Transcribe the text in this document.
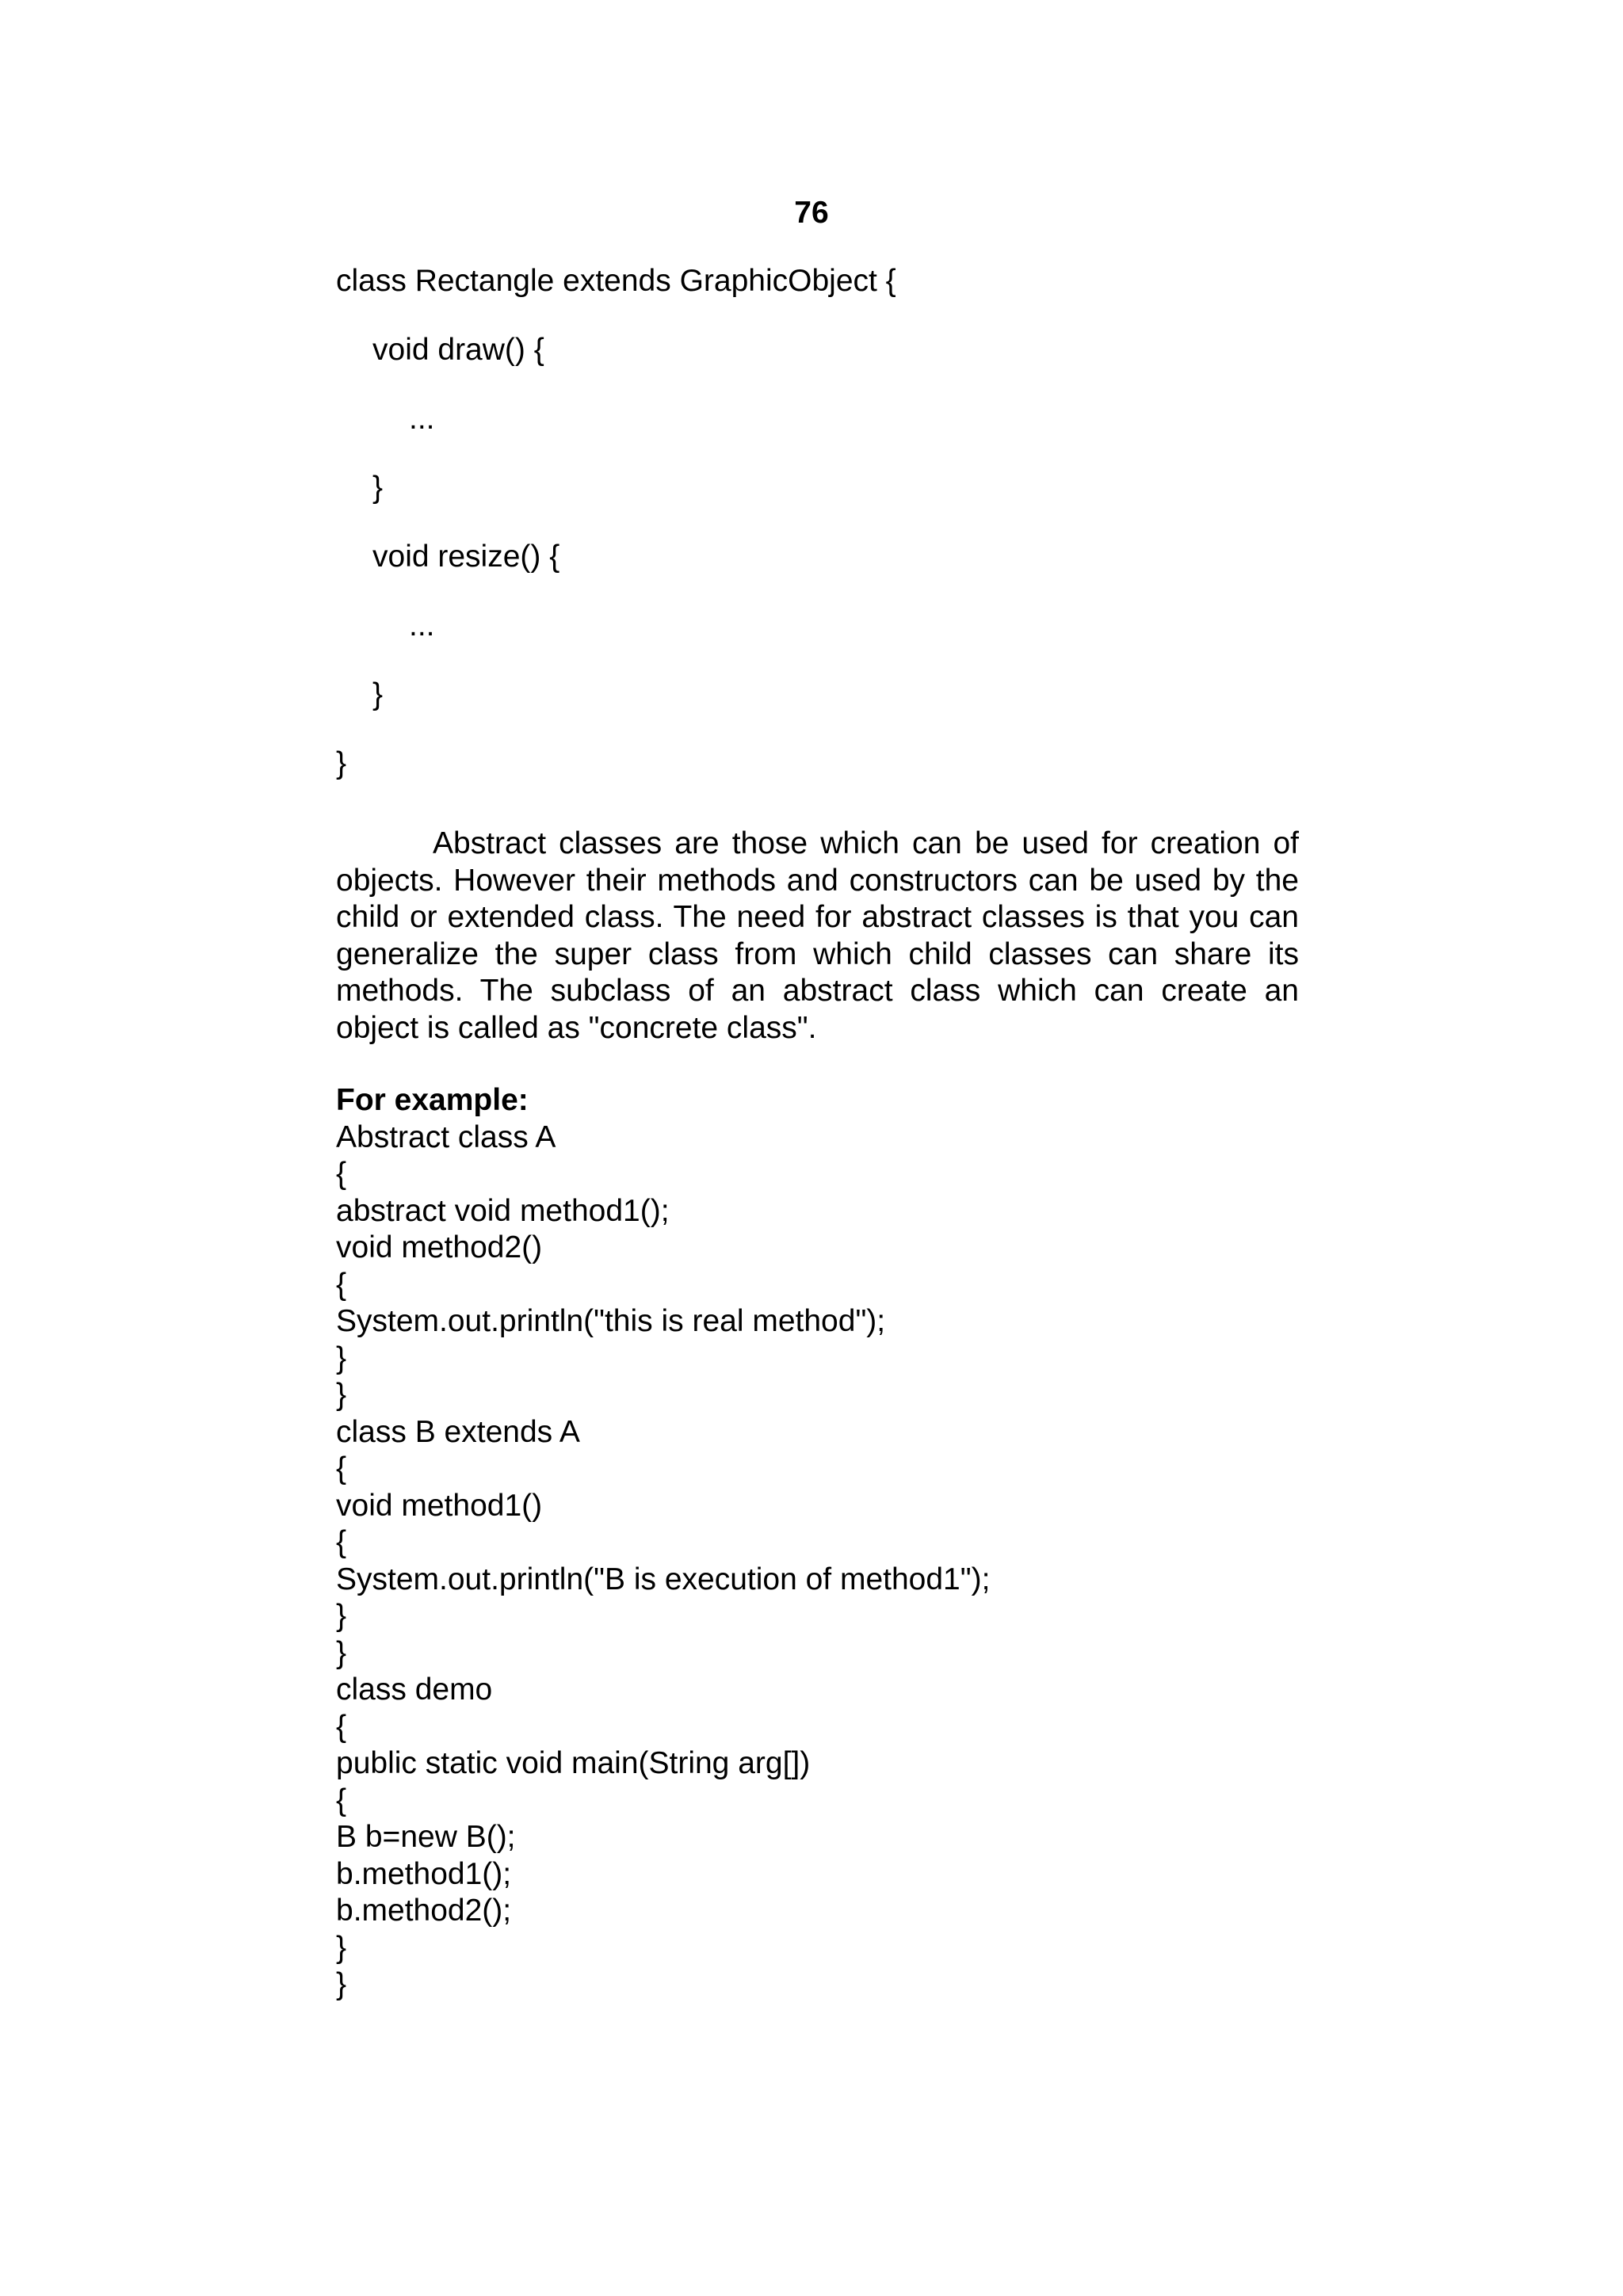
76
class Rectangle extends GraphicObject {
void draw() {
...
}
void resize() {
...
}
}

Abstract classes are those which can be used for creation of objects. However their methods and constructors can be used by the child or extended class. The need for abstract classes is that you can generalize the super class from which child classes can share its methods. The subclass of an abstract class which can create an object is called as "concrete class".

For example:
Abstract class A
{
abstract void method1();
void method2()
{
System.out.println("this is real method");
}
}
class B extends A
{
void method1()
{
System.out.println("B is execution of method1");
}
}
class demo
{
public static void main(String arg[])
{
B b=new B();
b.method1();
b.method2();
}
}
